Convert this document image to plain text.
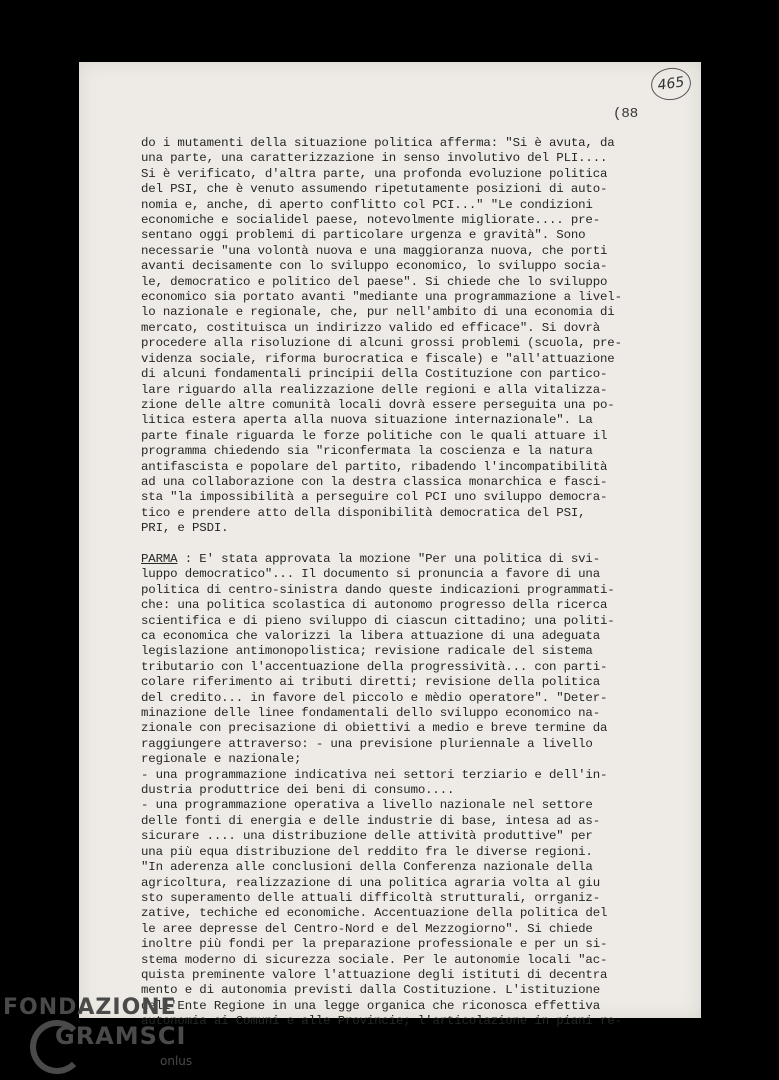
465
(88
do i mutamenti della situazione politica afferma: "Si è avuta, da
una parte, una caratterizzazione in senso involutivo del PLI....
Si è verificato, d'altra parte, una profonda evoluzione politica
del PSI, che è venuto assumendo ripetutamente posizioni di auto-
nomia e, anche, di aperto conflitto col PCI..." "Le condizioni
economiche e socialidel paese, notevolmente migliorate.... pre-
sentano oggi problemi di particolare urgenza e gravità". Sono
necessarie "una volontà nuova e una maggioranza nuova, che porti
avanti decisamente con lo sviluppo economico, lo sviluppo socia-
le, democratico e politico del paese". Si chiede che lo sviluppo
economico sia portato avanti "mediante una programmazione a livel-
lo nazionale e regionale, che, pur nell'ambito di una economia di
mercato, costituisca un indirizzo valido ed efficace". Si dovrà
procedere alla risoluzione di alcuni grossi problemi (scuola, pre-
videnza sociale, riforma burocratica e fiscale) e "all'attuazione
di alcuni fondamentali principii della Costituzione con partico-
lare riguardo alla realizzazione delle regioni e alla vitalizza-
zione delle altre comunità locali dovrà essere perseguita una po-
litica estera aperta alla nuova situazione internazionale". La
parte finale riguarda le forze politiche con le quali attuare il
programma chiedendo sia "riconfermata la coscienza e la natura
antifascista e popolare del partito, ribadendo l'incompatibilità
ad una collaborazione con la destra classica monarchica e fasci-
sta "la impossibilità a perseguire col PCI uno sviluppo democra-
tico e prendere atto della disponibilità democratica del PSI,
PRI, e PSDI.

PARMA : E' stata approvata la mozione "Per una politica di svi-
luppo democratico"... Il documento si pronuncia a favore di una
politica di centro-sinistra dando queste indicazioni programmati-
che: una politica scolastica di autonomo progresso della ricerca
scientifica e di pieno sviluppo di ciascun cittadino; una politi-
ca economica che valorizzi la libera attuazione di una adeguata
legislazione antimonopolistica; revisione radicale del sistema
tributario con l'accentuazione della progressività... con parti-
colare riferimento ai tributi diretti; revisione della politica
del credito... in favore del piccolo e mèdio operatore". "Deter-
minazione delle linee fondamentali dello sviluppo economico na-
zionale con precisazione di obiettivi a medio e breve termine da
raggiungere attraverso: - una previsione pluriennale a livello
regionale e nazionale;
- una programmazione indicativa nei settori terziario e dell'in-
dustria produttrice dei beni di consumo....
- una programmazione operativa a livello nazionale nel settore
delle fonti di energia e delle industrie di base, intesa ad as-
sicurare .... una distribuzione delle attività produttive" per
una più equa distribuzione del reddito fra le diverse regioni.
"In aderenza alle conclusioni della Conferenza nazionale della
agricoltura, realizzazione di una politica agraria volta al giu
sto superamento delle attuali difficoltà strutturali, orrganiz-
zative, techiche ed economiche. Accentuazione della politica del
le aree depresse del Centro-Nord e del Mezzogiorno". Si chiede
inoltre più fondi per la preparazione professionale e per un si-
stema moderno di sicurezza sociale. Per le autonomie locali "ac-
quista preminente valore l'attuazione degli istituti di decentra
mento e di autonomia previsti dalla Costituzione. L'istituzione
dell'Ente Regione in una legge organica che riconosca effettiva
autonomia ai Comuni e alle Provincie; l'articolazione in piani re-
FONDAZIONE
GRAMSCI
onlus
